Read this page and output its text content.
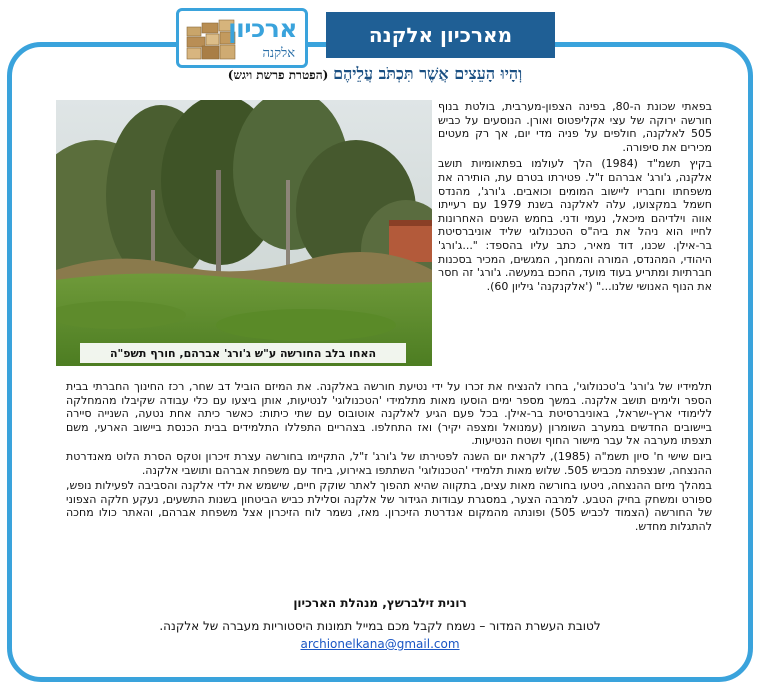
ארכיון
אלקנה
מארכיון אלקנה
וְהָיוּ הָעֵצִים אֲשֶׁר תִּכְתֹּב עֲלֵיהֶם (הפטרת פרשת ויגש)
האחו בלב החורשה ע"ש ג'ורג' אברהם, חורף תשפ"ה

בפאתי שכונת ה-80, בפינה הצפון-מערבית, בולטת בנוף חורשה ירוקה של עצי אקליפטוס ואורן. הנוסעים על כביש 505 לאלקנה, חולפים על פניה מדי יום, אך רק מעטים מכירים את סיפורה.

בקיץ תשמ"ד (1984) הלך לעולמו בפתאומיות תושב אלקנה, ג'ורג' אברהם ז"ל. פטירתו בטרם עת, הותירה את משפחתו וחבריו ליישוב המומים וכואבים. ג'ורג', מהנדס חשמל במקצועו, עלה לאלקנה בשנת 1979 עם רעייתו אווה וילדיהם מיכאל, נעמי ודני. בחמש השנים האחרונות לחייו הוא ניהל את ביה"ס הטכנולוגי שליד אוניברסיטת בר-אילן. שכנו, דוד מאיר, כתב עליו בהספד: "...ג'ורג' היהודי, המהנדס, המורה והמחנך, המגשים, המכיר בסכנות חברתיות ומתריע בעוד מועד, החכם במעשה. ג'ורג' זה חסר את הנוף האנושי שלנו..." ('אלקנקנה' גיליון 60).

תלמידיו של ג'ורג' ב'טכנולוגי', בחרו להנציח את זכרו על ידי נטיעת חורשה באלקנה. את המיזם הוביל דב שחר, רכז החינוך החברתי בבית הספר ולימים תושב אלקנה. במשך מספר ימים הוסעו מאות מתלמידי 'הטכנולוגי' לנטיעות, אותן ביצעו עם כלי עבודה שקיבלו מהמחלקה ללימודי ארץ-ישראל, באוניברסיטת בר-אילן. בכל פעם הגיע לאלקנה אוטובוס עם שתי כיתות: כאשר כיתה אחת נטעה, השנייה סיירה ביישובים החדשים במערב השומרון (עמנואל ומצפה יקיר) ואז התחלפו. בצהריים התפללו התלמידים בבית הכנסת ביישוב הארעי, משם תצפתו מערבה אל עבר מישור החוף ושטח הנטיעות.

ביום שישי ח' סיון תשמ"ה (1985), לקראת יום השנה לפטירתו של ג'ורג' ז"ל, התקיימו בחורשה עצרת זיכרון וטקס הסרת הלוט מאנדרטת ההנצחה, שנצפתה מכביש 505. שלוש מאות תלמידי 'הטכנולוגי' השתתפו באירוע, ביחד עם משפחת אברהם ותושבי אלקנה.

במהלך מיזם ההנצחה, ניטעו בחורשה מאות עצים, בתקווה שהיא תהפוך לאתר שוקק חיים, שישמש את ילדי אלקנה והסביבה לפעילות נופש, ספורט ומשחק בחיק הטבע. למרבה הצער, במסגרת עבודות הגידור של אלקנה וסלילת כביש הביטחון בשנות התשעים, נעקע חלקה הצפוני של החורשה (הצמוד לכביש 505) ופונתה מהמקום אנדרטת הזיכרון. מאז, נשמר לוח הזיכרון אצל משפחת אברהם, והאתר כולו מחכה להתגלות מחדש.

רונית זילברשץ, מנהלת הארכיון
לטובת העשרת המדור – נשמח לקבל מכם במייל תמונות היסטוריות מעברה של אלקנה.
archionelkana@gmail.com
